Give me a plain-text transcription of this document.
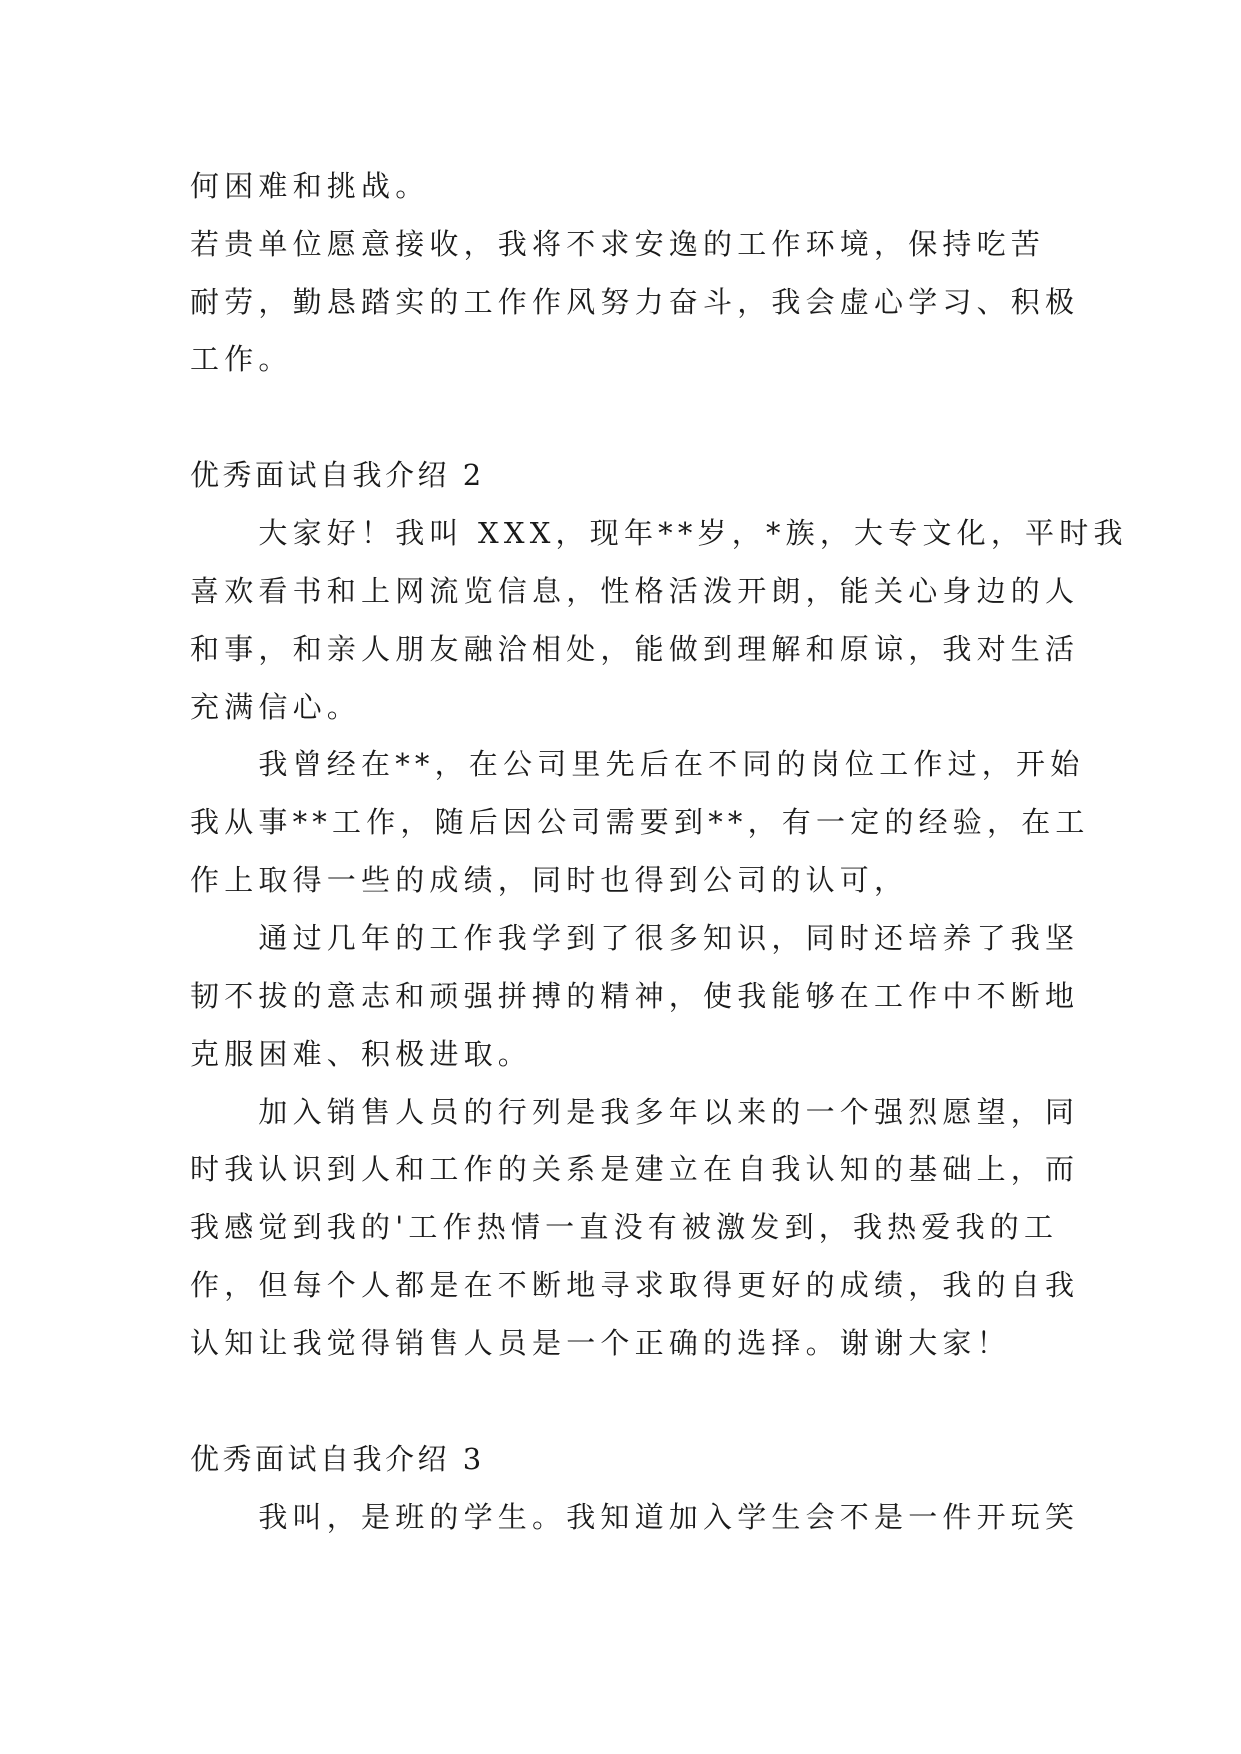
何困难和挑战。

若贵单位愿意接收，我将不求安逸的工作环境，保持吃苦

耐劳，勤恳踏实的工作作风努力奋斗，我会虚心学习、积极

工作。

优秀面试自我介绍 2

　　大家好！我叫 XXX，现年**岁，*族，大专文化，平时我

喜欢看书和上网流览信息，性格活泼开朗，能关心身边的人

和事，和亲人朋友融洽相处，能做到理解和原谅，我对生活

充满信心。

　　我曾经在**，在公司里先后在不同的岗位工作过，开始

我从事**工作，随后因公司需要到**，有一定的经验，在工

作上取得一些的成绩，同时也得到公司的认可，

　　通过几年的工作我学到了很多知识，同时还培养了我坚

韧不拔的意志和顽强拼搏的精神，使我能够在工作中不断地

克服困难、积极进取。

　　加入销售人员的行列是我多年以来的一个强烈愿望，同

时我认识到人和工作的关系是建立在自我认知的基础上，而

我感觉到我的'工作热情一直没有被激发到，我热爱我的工

作，但每个人都是在不断地寻求取得更好的成绩，我的自我

认知让我觉得销售人员是一个正确的选择。谢谢大家！

优秀面试自我介绍 3

　　我叫，是班的学生。我知道加入学生会不是一件开玩笑
